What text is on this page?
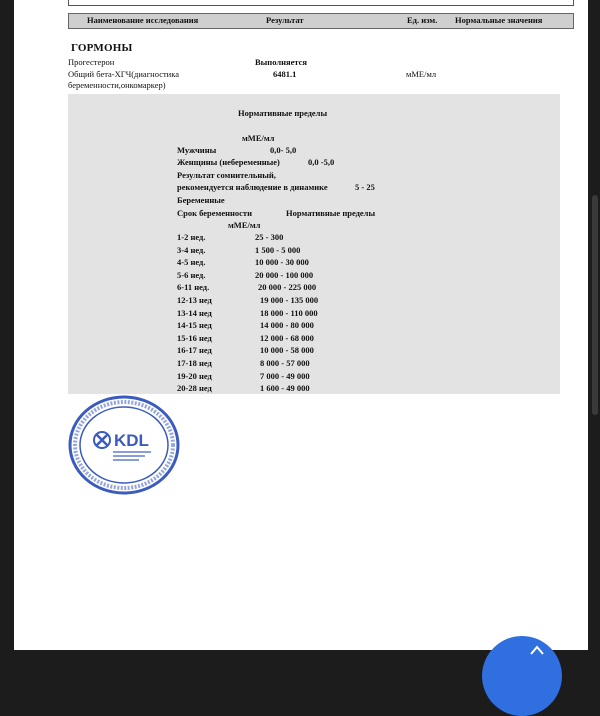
Наименование исследования	Результат	Ед. изм. Нормальные значения
ГОРМОНЫ
Прогестерон	Выполняется
Общий бета-ХГЧ(диагностика
беременности,онкомаркер)
6481.1	мМЕ/мл
Нормативные пределы
мМЕ/мл
Мужчины	0,0- 5,0
Женщины (небеременные)	0,0 -5,0
Результат сомнительный,
рекомендуется наблюдение в динамике	5 - 25
Беременные
Срок беременности	Нормативные пределы
мМЕ/мл
1-2 нед.	25 - 300
3-4 нед.	1 500 - 5 000
4-5 нед.	10 000 - 30 000
5-6 нед.	20 000 - 100 000
6-11 нед.	20 000 - 225 000
12-13 нед	19 000 - 135 000
13-14 нед	18 000 - 110 000
14-15 нед	14 000 - 80 000
15-16 нед	12 000 - 68 000
16-17 нед	10 000 - 58 000
17-18 нед	8 000 - 57 000
19-20 нед	7 000 - 49 000
20-28 нед	1 600 - 49 000
KDL
